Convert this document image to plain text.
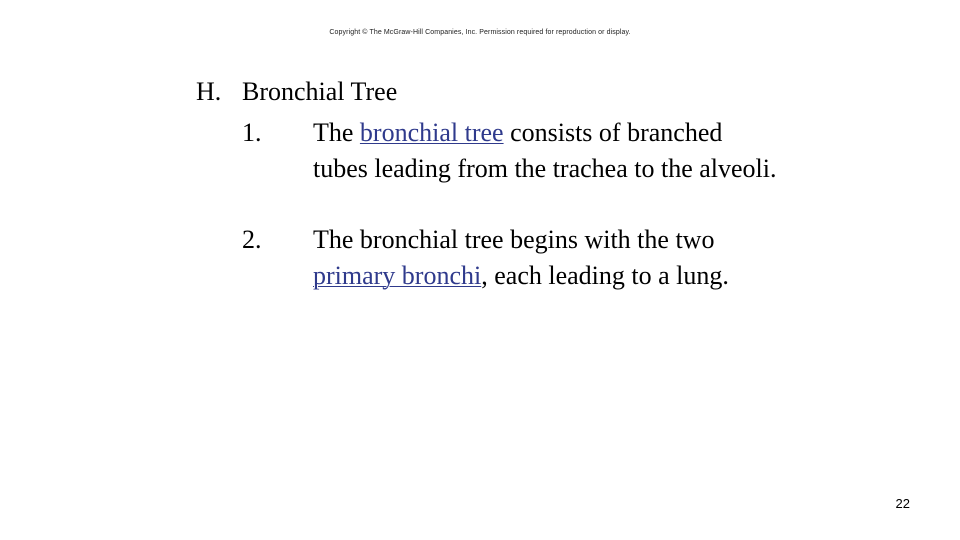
Copyright © The McGraw-Hill Companies, Inc. Permission required for reproduction or display.
H. Bronchial Tree
1. The bronchial tree consists of branched tubes leading from the trachea to the alveoli.
2. The bronchial tree begins with the two primary bronchi, each leading to a lung.
22
